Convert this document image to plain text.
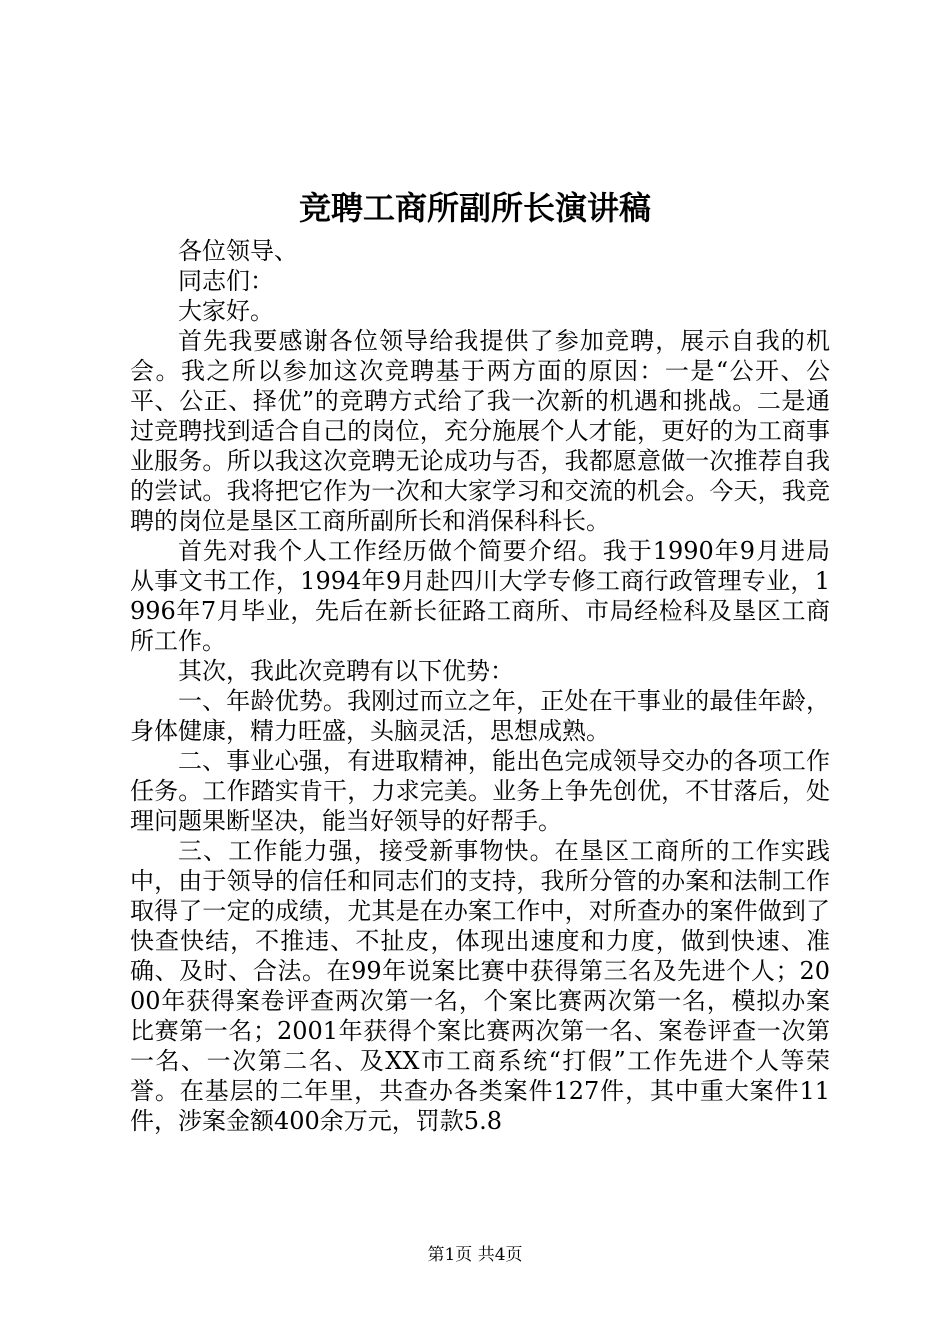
竞聘工商所副所长演讲稿

各位领导、

同志们：

大家好。

首先我要感谢各位领导给我提供了参加竞聘，展示自我的机会。我之所以参加这次竞聘基于两方面的原因：一是“公开、公平、公正、择优”的竞聘方式给了我一次新的机遇和挑战。二是通过竞聘找到适合自己的岗位，充分施展个人才能，更好的为工商事业服务。所以我这次竞聘无论成功与否，我都愿意做一次推荐自我的尝试。我将把它作为一次和大家学习和交流的机会。今天，我竞聘的岗位是垦区工商所副所长和消保科科长。

首先对我个人工作经历做个简要介绍。我于1990年9月进局从事文书工作，1994年9月赴四川大学专修工商行政管理专业，1996年7月毕业，先后在新长征路工商所、市局经检科及垦区工商所工作。

其次，我此次竞聘有以下优势：

一、年龄优势。我刚过而立之年，正处在干事业的最佳年龄，身体健康，精力旺盛，头脑灵活，思想成熟。

二、事业心强，有进取精神，能出色完成领导交办的各项工作任务。工作踏实肯干，力求完美。业务上争先创优，不甘落后，处理问题果断坚决，能当好领导的好帮手。

三、工作能力强，接受新事物快。在垦区工商所的工作实践中，由于领导的信任和同志们的支持，我所分管的办案和法制工作取得了一定的成绩，尤其是在办案工作中，对所查办的案件做到了快查快结，不推违、不扯皮，体现出速度和力度，做到快速、准确、及时、合法。在99年说案比赛中获得第三名及先进个人；2000年获得案卷评查两次第一名，个案比赛两次第一名，模拟办案比赛第一名；2001年获得个案比赛两次第一名、案卷评查一次第一名、一次第二名、及XX市工商系统“打假”工作先进个人等荣誉。在基层的二年里，共查办各类案件127件，其中重大案件11件，涉案金额400余万元，罚款5.8

第1页 共4页
